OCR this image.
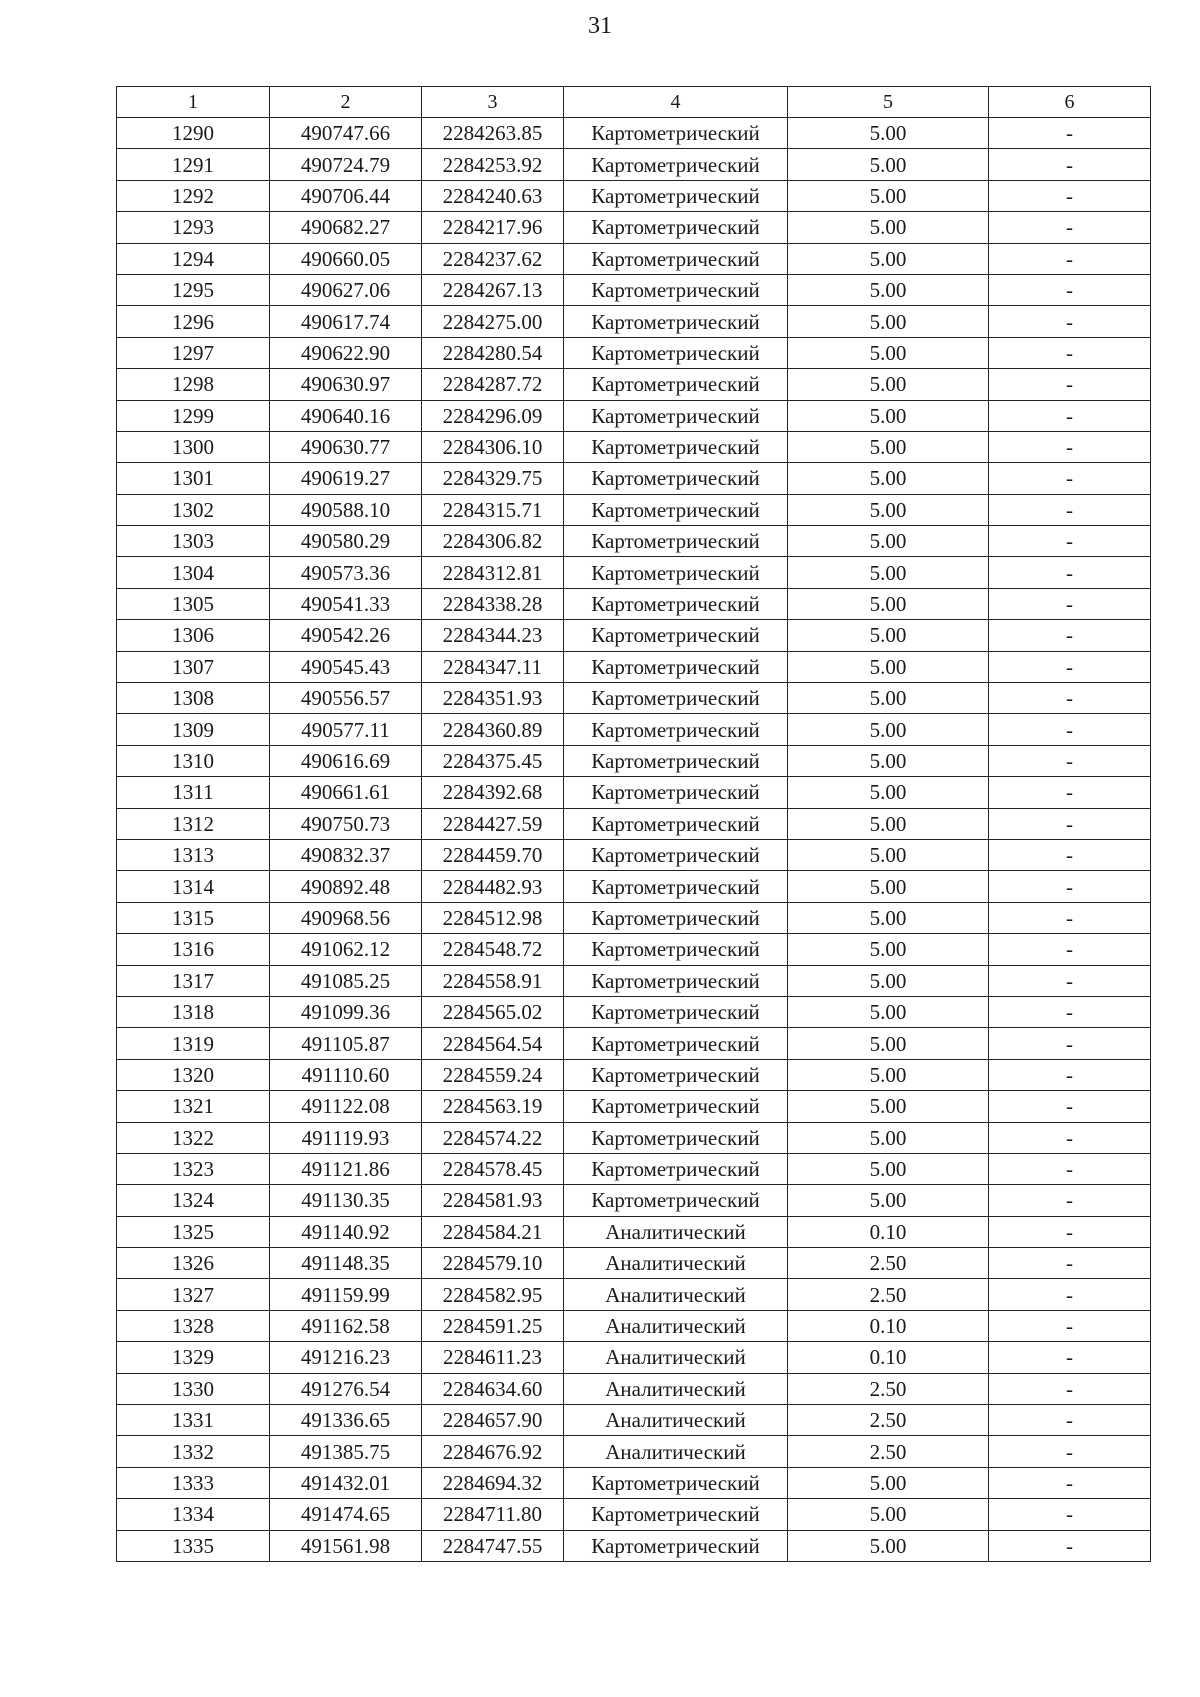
31
1	2	3	4	5	6
1290	490747.66	2284263.85	Картометрический	5.00	-
1291	490724.79	2284253.92	Картометрический	5.00	-
1292	490706.44	2284240.63	Картометрический	5.00	-
1293	490682.27	2284217.96	Картометрический	5.00	-
1294	490660.05	2284237.62	Картометрический	5.00	-
1295	490627.06	2284267.13	Картометрический	5.00	-
1296	490617.74	2284275.00	Картометрический	5.00	-
1297	490622.90	2284280.54	Картометрический	5.00	-
1298	490630.97	2284287.72	Картометрический	5.00	-
1299	490640.16	2284296.09	Картометрический	5.00	-
1300	490630.77	2284306.10	Картометрический	5.00	-
1301	490619.27	2284329.75	Картометрический	5.00	-
1302	490588.10	2284315.71	Картометрический	5.00	-
1303	490580.29	2284306.82	Картометрический	5.00	-
1304	490573.36	2284312.81	Картометрический	5.00	-
1305	490541.33	2284338.28	Картометрический	5.00	-
1306	490542.26	2284344.23	Картометрический	5.00	-
1307	490545.43	2284347.11	Картометрический	5.00	-
1308	490556.57	2284351.93	Картометрический	5.00	-
1309	490577.11	2284360.89	Картометрический	5.00	-
1310	490616.69	2284375.45	Картометрический	5.00	-
1311	490661.61	2284392.68	Картометрический	5.00	-
1312	490750.73	2284427.59	Картометрический	5.00	-
1313	490832.37	2284459.70	Картометрический	5.00	-
1314	490892.48	2284482.93	Картометрический	5.00	-
1315	490968.56	2284512.98	Картометрический	5.00	-
1316	491062.12	2284548.72	Картометрический	5.00	-
1317	491085.25	2284558.91	Картометрический	5.00	-
1318	491099.36	2284565.02	Картометрический	5.00	-
1319	491105.87	2284564.54	Картометрический	5.00	-
1320	491110.60	2284559.24	Картометрический	5.00	-
1321	491122.08	2284563.19	Картометрический	5.00	-
1322	491119.93	2284574.22	Картометрический	5.00	-
1323	491121.86	2284578.45	Картометрический	5.00	-
1324	491130.35	2284581.93	Картометрический	5.00	-
1325	491140.92	2284584.21	Аналитический	0.10	-
1326	491148.35	2284579.10	Аналитический	2.50	-
1327	491159.99	2284582.95	Аналитический	2.50	-
1328	491162.58	2284591.25	Аналитический	0.10	-
1329	491216.23	2284611.23	Аналитический	0.10	-
1330	491276.54	2284634.60	Аналитический	2.50	-
1331	491336.65	2284657.90	Аналитический	2.50	-
1332	491385.75	2284676.92	Аналитический	2.50	-
1333	491432.01	2284694.32	Картометрический	5.00	-
1334	491474.65	2284711.80	Картометрический	5.00	-
1335	491561.98	2284747.55	Картометрический	5.00	-
